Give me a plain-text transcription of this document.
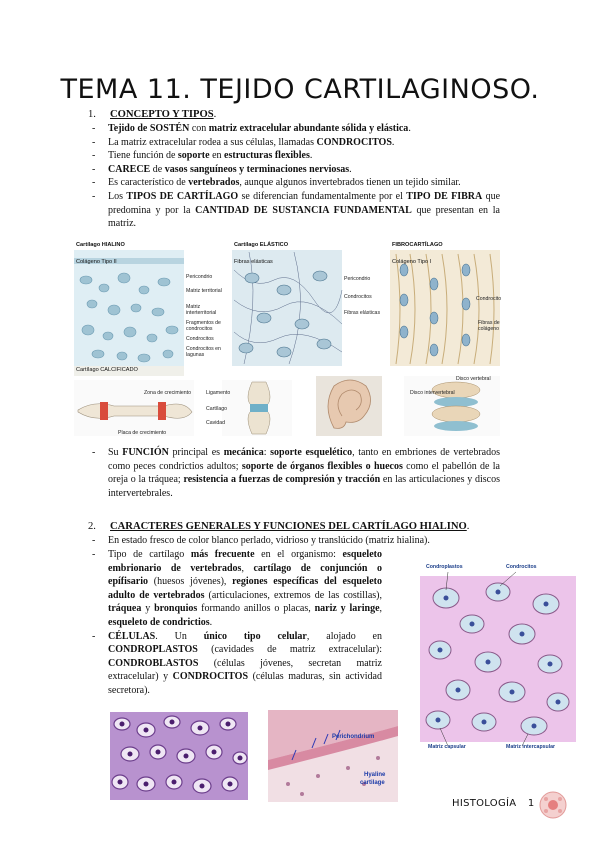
TEMA 11. TEJIDO CARTILAGINOSO.
1. CONCEPTO Y TIPOS.
- Tejido de SOSTÉN con matriz extracelular abundante sólida y elástica.
- La matriz extracelular rodea a sus células, llamadas CONDROCITOS.
- Tiene función de soporte en estructuras flexibles.
- CARECE de vasos sanguíneos y terminaciones nerviosas.
- Es característico de vertebrados, aunque algunos invertebrados tienen un tejido similar.
- Los TIPOS DE CARTÍLAGO se diferencian fundamentalmente por el TIPO DE FIBRA que predomina y por la CANTIDAD DE SUSTANCIA FUNDAMENTAL que presentan en la matriz.
Cartílago HIALINO
Colágeno Tipo II
Pericondrio
Matriz territorial
Matriz interterritorial
Fragmentos de condrocitos
Condrocitos
Condrocitos en lagunas
Cartílago CALCIFICADO
Cartílago ELÁSTICO
Fibras elásticas
Pericondrio
Condrocitos
Fibras elásticas
FIBROCARTÍLAGO
Colágeno Tipo I
Condrocito
Fibras de colágeno
Zona de crecimiento
Placa de crecimiento
Ligamento
Cartílago
Cavidad
Disco vertebral
Disco intervertebral
- Su FUNCIÓN principal es mecánica: soporte esquelético, tanto en embriones de vertebrados como peces condrictios adultos; soporte de órganos flexibles o huecos como el pabellón de la oreja o la tráquea; resistencia a fuerzas de compresión y tracción en las articulaciones y discos intervertebrales.
2. CARACTERES GENERALES Y FUNCIONES DEL CARTÍLAGO HIALINO.
- En estado fresco de color blanco perlado, vidrioso y translúcido (matriz hialina).
- Tipo de cartílago más frecuente en el organismo: esqueleto embrionario de vertebrados, cartílago de conjunción o epífisario (huesos jóvenes), regiones específicas del esqueleto adulto de vertebrados (articulaciones, extremos de las costillas), tráquea y bronquios formando anillos o placas, nariz y laringe, esqueleto de condrictios.
- CÉLULAS. Un único tipo celular, alojado en CONDROPLASTOS (cavidades de matriz extracelular): CONDROBLASTOS (células jóvenes, secretan matriz extracelular) y CONDROCITOS (células maduras, sin actividad secretora).
Condroplastos	Condrocitos
Matriz capsular	Matriz intercapsular
Perichondrium
Hyaline
cartilage
HISTOLOGÍA 1
